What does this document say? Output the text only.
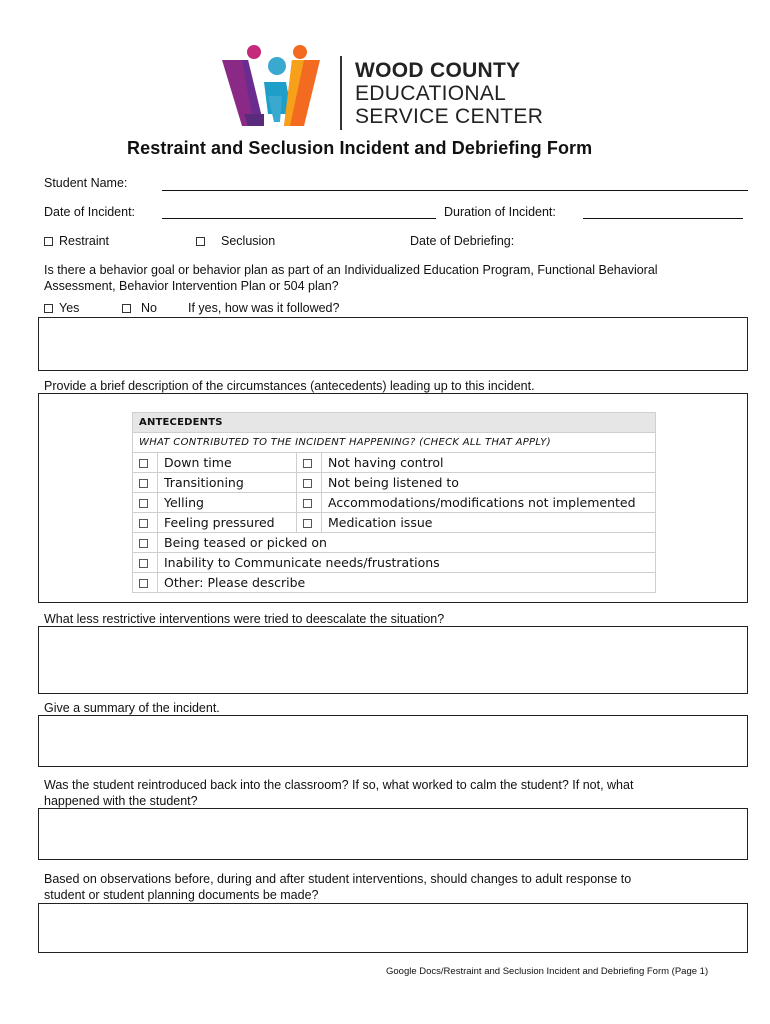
WOOD COUNTY
EDUCATIONAL
SERVICE CENTER
Restraint and Seclusion Incident and Debriefing Form
Student Name:
Date of Incident:	Duration of Incident:
Restraint	Seclusion	Date of Debriefing:
Is there a behavior goal or behavior plan as part of an Individualized Education Program, Functional Behavioral
Assessment, Behavior Intervention Plan or 504 plan?
Yes	No If yes, how was it followed?
Provide a brief description of the circumstances (antecedents) leading up to this incident.
ANTECEDENTS			
WHAT CONTRIBUTED TO THE INCIDENT HAPPENING? (CHECK ALL THAT APPLY)			
	Down time		Not having control
	Transitioning		Not being listened to
	Yelling		Accommodations/modifications not implemented
	Feeling pressured		Medication issue
	Being teased or picked on		
	Inability to Communicate needs/frustrations		
	Other: Please describe		
What less restrictive interventions were tried to deescalate the situation?
Give a summary of the incident.
Was the student reintroduced back into the classroom? If so, what worked to calm the student? If not, what
happened with the student?
Based on observations before, during and after student interventions, should changes to adult response to
student or student planning documents be made?
Google Docs/Restraint and Seclusion Incident and Debriefing Form (Page 1)
